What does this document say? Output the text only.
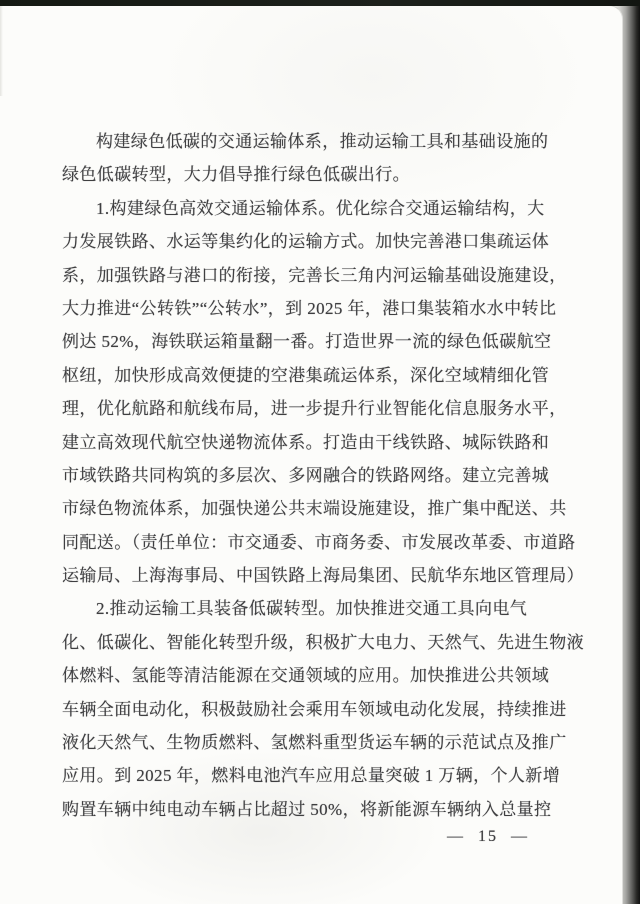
构建绿色低碳的交通运输体系，推动运输工具和基础设施的
绿色低碳转型，大力倡导推行绿色低碳出行。
1.构建绿色高效交通运输体系。优化综合交通运输结构，大
力发展铁路、水运等集约化的运输方式。加快完善港口集疏运体
系，加强铁路与港口的衔接，完善长三角内河运输基础设施建设，
大力推进“公转铁”“公转水”，到 2025 年，港口集装箱水水中转比
例达 52%，海铁联运箱量翻一番。打造世界一流的绿色低碳航空
枢纽，加快形成高效便捷的空港集疏运体系，深化空域精细化管
理，优化航路和航线布局，进一步提升行业智能化信息服务水平，
建立高效现代航空快递物流体系。打造由干线铁路、城际铁路和
市域铁路共同构筑的多层次、多网融合的铁路网络。建立完善城
市绿色物流体系，加强快递公共末端设施建设，推广集中配送、共
同配送。（责任单位：市交通委、市商务委、市发展改革委、市道路
运输局、上海海事局、中国铁路上海局集团、民航华东地区管理局）
2.推动运输工具装备低碳转型。加快推进交通工具向电气
化、低碳化、智能化转型升级，积极扩大电力、天然气、先进生物液
体燃料、氢能等清洁能源在交通领域的应用。加快推进公共领域
车辆全面电动化，积极鼓励社会乘用车领域电动化发展，持续推进
液化天然气、生物质燃料、氢燃料重型货运车辆的示范试点及推广
应用。到 2025 年，燃料电池汽车应用总量突破 1 万辆，个人新增
购置车辆中纯电动车辆占比超过 50%，将新能源车辆纳入总量控
— 15 —
